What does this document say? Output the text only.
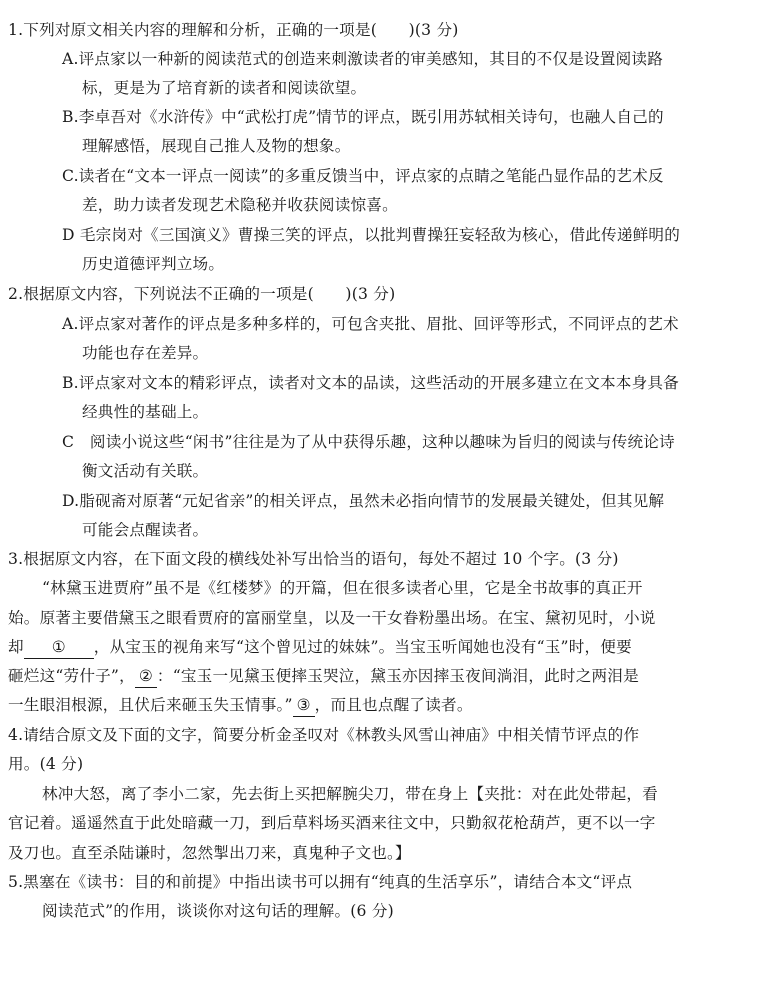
1.下列对原文相关内容的理解和分析，正确的一项是(　　)(3 分)
A.评点家以一种新的阅读范式的创造来刺激读者的审美感知，其目的不仅是设置阅读路
标，更是为了培育新的读者和阅读欲望。
B.李卓吾对《水浒传》中“武松打虎”情节的评点，既引用苏轼相关诗句，也融人自己的
理解感悟，展现自己推人及物的想象。
C.读者在“文本一评点一阅读”的多重反馈当中，评点家的点睛之笔能凸显作品的艺术反
差，助力读者发现艺术隐秘并收获阅读惊喜。
D 毛宗岗对《三国演义》曹操三笑的评点，以批判曹操狂妄轻敌为核心，借此传递鲜明的
历史道德评判立场。
2.根据原文内容，下列说法不正确的一项是(　　)(3 分)
A.评点家对著作的评点是多种多样的，可包含夹批、眉批、回评等形式，不同评点的艺术
功能也存在差异。
B.评点家对文本的精彩评点，读者对文本的品读，这些活动的开展多建立在文本本身具备
经典性的基础上。
C　阅读小说这些“闲书”往往是为了从中获得乐趣，这种以趣味为旨归的阅读与传统论诗
衡文活动有关联。
D.脂砚斋对原著“元妃省亲”的相关评点，虽然未必指向情节的发展最关键处，但其见解
可能会点醒读者。
3.根据原文内容，在下面文段的横线处补写出恰当的语句，每处不超过 10 个字。(3 分)
“林黛玉进贾府”虽不是《红楼梦》的开篇，但在很多读者心里，它是全书故事的真正开
始。原著主要借黛玉之眼看贾府的富丽堂皇，以及一干女眷粉墨出场。在宝、黛初见时，小说
却 ① ，从宝玉的视角来写“这个曾见过的妹妹”。当宝玉听闻她也没有“玉”时，便要
砸烂这“劳什子”， ② ：“宝玉一见黛玉便摔玉哭泣，黛玉亦因摔玉夜间淌泪，此时之两泪是
一生眼泪根源，且伏后来砸玉失玉情事。” ③ ，而且也点醒了读者。
4.请结合原文及下面的文字，简要分析金圣叹对《林教头风雪山神庙》中相关情节评点的作
用。(4 分)
林冲大怒，离了李小二家，先去街上买把解腕尖刀，带在身上【夹批：对在此处带起，看
官记着。遥遥然直于此处暗藏一刀，到后草料场买酒来往文中，只勤叙花枪葫芦，更不以一字
及刀也。直至杀陆谦时，忽然掣出刀来，真鬼种子文也。】
5.黑塞在《读书：目的和前提》中指出读书可以拥有“纯真的生活享乐”，请结合本文“评点
阅读范式”的作用，谈谈你对这句话的理解。(6 分)
